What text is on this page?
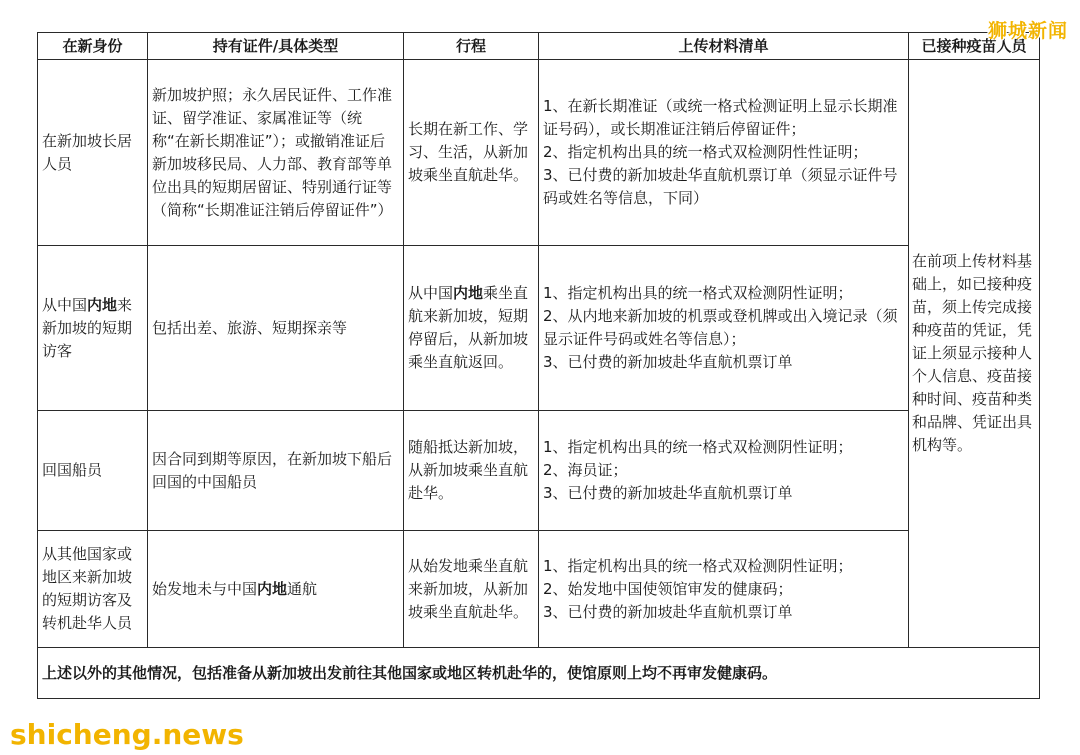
在新身份	持有证件/具体类型	行程	上传材料清单	已接种疫苗人员
在新加坡长居人员	新加坡护照；永久居民证件、工作准证、留学准证、家属准证等（统称“在新长期准证”）；或撤销准证后新加坡移民局、人力部、教育部等单位出具的短期居留证、特别通行证等（简称“长期准证注销后停留证件”）	长期在新工作、学习、生活，从新加坡乘坐直航赴华。	1、在新长期准证（或统一格式检测证明上显示长期准证号码），或长期准证注销后停留证件；
2、指定机构出具的统一格式双检测阴性性证明；
3、已付费的新加坡赴华直航机票订单（须显示证件号码或姓名等信息，下同）	在前项上传材料基础上，如已接种疫苗，须上传完成接种疫苗的凭证，凭证上须显示接种人个人信息、疫苗接种时间、疫苗种类和品牌、凭证出具机构等。
从中国内地来新加坡的短期访客	包括出差、旅游、短期探亲等	从中国内地乘坐直航来新加坡，短期停留后，从新加坡乘坐直航返回。	1、指定机构出具的统一格式双检测阴性证明；
2、从内地来新加坡的机票或登机牌或出入境记录（须显示证件号码或姓名等信息）；
3、已付费的新加坡赴华直航机票订单	

回国船员	因合同到期等原因，在新加坡下船后回国的中国船员	随船抵达新加坡，从新加坡乘坐直航赴华。	1、指定机构出具的统一格式双检测阴性证明；
2、海员证；
3、已付费的新加坡赴华直航机票订单	

从其他国家或地区来新加坡的短期访客及转机赴华人员	始发地未与中国内地通航	从始发地乘坐直航来新加坡，从新加坡乘坐直航赴华。	1、指定机构出具的统一格式双检测阴性证明；
2、始发地中国使领馆审发的健康码；
3、已付费的新加坡赴华直航机票订单	

上述以外的其他情况，包括准备从新加坡出发前往其他国家或地区转机赴华的，使馆原则上均不再审发健康码。				
狮城新闻
shicheng.news
